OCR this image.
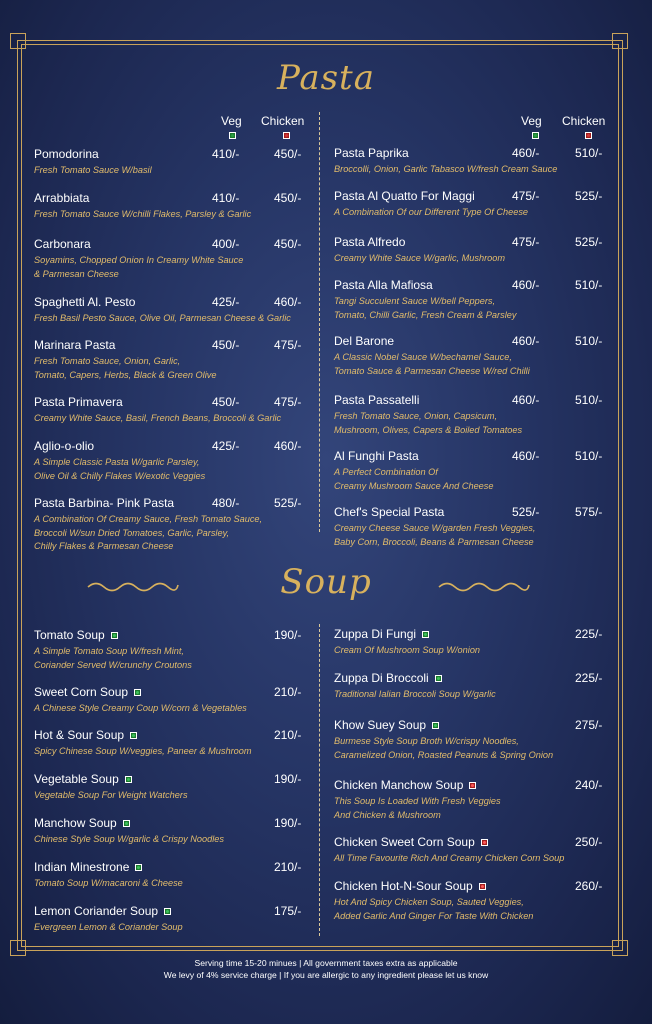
Pasta
Veg Chicken	Veg Chicken
Pomodorina
Fresh Tomato Sauce W/basil
410/-	450/-
Arrabbiata
Fresh Tomato Sauce W/chilli Flakes, Parsley & Garlic
410/-	450/-
Carbonara
Soyamins, Chopped Onion In Creamy White Sauce
& Parmesan Cheese
400/-	450/-
Spaghetti Al. Pesto
Fresh Basil Pesto Sauce, Olive Oil, Parmesan Cheese & Garlic
425/-	460/-
Marinara Pasta
Fresh Tomato Sauce, Onion, Garlic,
Tomato, Capers, Herbs, Black & Green Olive
450/-	475/-
Pasta Primavera
Creamy White Sauce, Basil, French Beans, Broccoli & Garlic
450/-	475/-
Aglio-o-olio
A Simple Classic Pasta W/garlic Parsley,
Olive Oil & Chilly Flakes W/exotic Veggies
425/-	460/-
Pasta Barbina- Pink Pasta
A Combination Of Creamy Sauce, Fresh Tomato Sauce,
Broccoli W/sun Dried Tomatoes, Garlic, Parsley,
Chilly Flakes & Parmesan Cheese
480/-	525/-
Pasta Paprika
Broccolli, Onion, Garlic Tabasco W/fresh Cream Sauce
460/-	510/-
Pasta Al Quatto For Maggi
A Combination Of our Different Type Of Cheese
475/-	525/-
Pasta Alfredo
Creamy White Sauce W/garlic, Mushroom
475/-	525/-
Pasta Alla Mafiosa
Tangi Succulent Sauce W/bell Peppers,
Tomato, Chilli Garlic, Fresh Cream & Parsley
460/-	510/-
Del Barone
A Classic Nobel Sauce W/bechamel Sauce,
Tomato Sauce & Parmesan Cheese W/red Chilli
460/-	510/-
Pasta Passatelli
Fresh Tomato Sauce, Onion, Capsicum,
Mushroom, Olives, Capers & Boiled Tomatoes
460/-	510/-
Al Funghi Pasta
A Perfect Combination Of
Creamy Mushroom Sauce And Cheese
460/-	510/-
Chef's Special Pasta
Creamy Cheese Sauce W/garden Fresh Veggies,
Baby Corn, Broccoli, Beans & Parmesan Cheese
525/-	575/-
Soup
Tomato Soup
A Simple Tomato Soup W/fresh Mint,
Coriander Served W/crunchy Croutons
190/-
Sweet Corn Soup
A Chinese Style Creamy Coup W/corn & Vegetables
210/-
Hot & Sour Soup
Spicy Chinese Soup W/veggies, Paneer & Mushroom
210/-
Vegetable Soup
Vegetable Soup For Weight Watchers
190/-
Manchow Soup
Chinese Style Soup W/garlic & Crispy Noodles
190/-
Indian Minestrone
Tomato Soup W/macaroni & Cheese
210/-
Lemon Coriander Soup
Evergreen Lemon & Coriander Soup
175/-
Zuppa Di Fungi
Cream Of Mushroom Soup W/onion
225/-
Zuppa Di Broccoli
Traditional Ialian Broccoli Soup W/garlic
225/-
Khow Suey Soup
Burmese Style Soup Broth W/crispy Noodles,
Caramelized Onion, Roasted Peanuts & Spring Onion
275/-
Chicken Manchow Soup
This Soup Is Loaded With Fresh Veggies
And Chicken & Mushroom
240/-
Chicken Sweet Corn Soup
All Time Favourite Rich And Creamy Chicken Corn Soup
250/-
Chicken Hot-N-Sour Soup
Hot And Spicy Chicken Soup, Sauted Veggies,
Added Garlic And Ginger For Taste With Chicken
260/-
Serving time 15-20 minues | All government taxes extra as applicable
We levy of 4% service charge | If you are allergic to any ingredient please let us know
